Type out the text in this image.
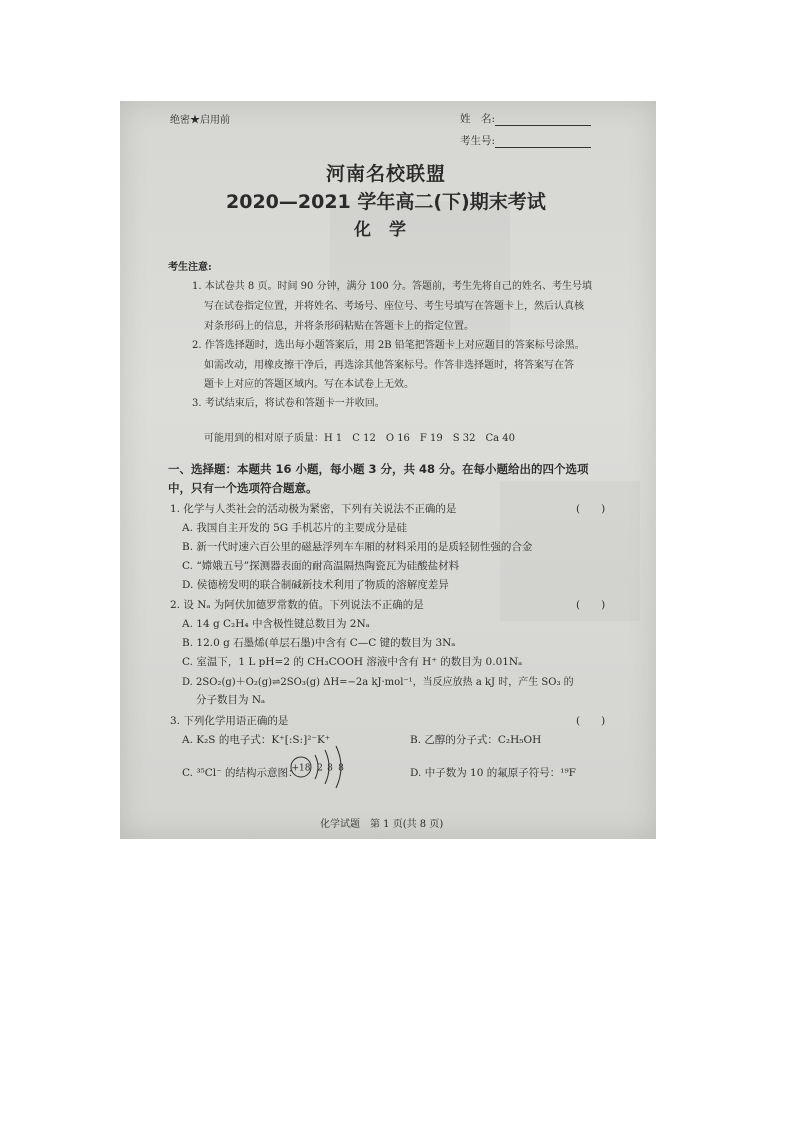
绝密★启用前	姓　名:
考生号:
河南名校联盟
2020—2021 学年高二(下)期末考试
化学
考生注意:
1. 本试卷共 8 页。时间 90 分钟，满分 100 分。答题前，考生先将自己的姓名、考生号填
写在试卷指定位置，并将姓名、考场号、座位号、考生号填写在答题卡上，然后认真核
对条形码上的信息，并将条形码粘贴在答题卡上的指定位置。
2. 作答选择题时，选出每小题答案后，用 2B 铅笔把答题卡上对应题目的答案标号涂黑。
如需改动，用橡皮擦干净后，再选涂其他答案标号。作答非选择题时，将答案写在答
题卡上对应的答题区域内。写在本试卷上无效。
3. 考试结束后，将试卷和答题卡一并收回。
可能用到的相对原子质量：H 1　C 12　O 16　F 19　S 32　Ca 40
一、选择题：本题共 16 小题，每小题 3 分，共 48 分。在每小题给出的四个选项
中，只有一个选项符合题意。
1. 化学与人类社会的活动极为紧密，下列有关说法不正确的是	(　　)
A. 我国自主开发的 5G 手机芯片的主要成分是硅
B. 新一代时速六百公里的磁悬浮列车车厢的材料采用的是质轻韧性强的合金
C. “嫦娥五号”探测器表面的耐高温隔热陶瓷瓦为硅酸盐材料
D. 侯德榜发明的联合制碱新技术利用了物质的溶解度差异
2. 设 Nₐ 为阿伏加德罗常数的值。下列说法不正确的是	(　　)
A. 14 g C₂H₄ 中含极性键总数目为 2Nₐ
B. 12.0 g 石墨烯(单层石墨)中含有 C—C 键的数目为 3Nₐ
C. 室温下，1 L pH=2 的 CH₃COOH 溶液中含有 H⁺ 的数目为 0.01Nₐ
D. 2SO₂(g)＋O₂(g)⇌2SO₃(g) ΔH=−2a kJ·mol⁻¹，当反应放热 a kJ 时，产生 SO₃ 的
分子数目为 Nₐ
3. 下列化学用语正确的是	(　　)
A. K₂S 的电子式：K⁺[:S:]²⁻K⁺	B. 乙醇的分子式：C₂H₅OH
C. ³⁵Cl⁻ 的结构示意图：
+18 2 8 8	D. 中子数为 10 的氟原子符号：¹⁹F
化学试题　第 1 页(共 8 页)
